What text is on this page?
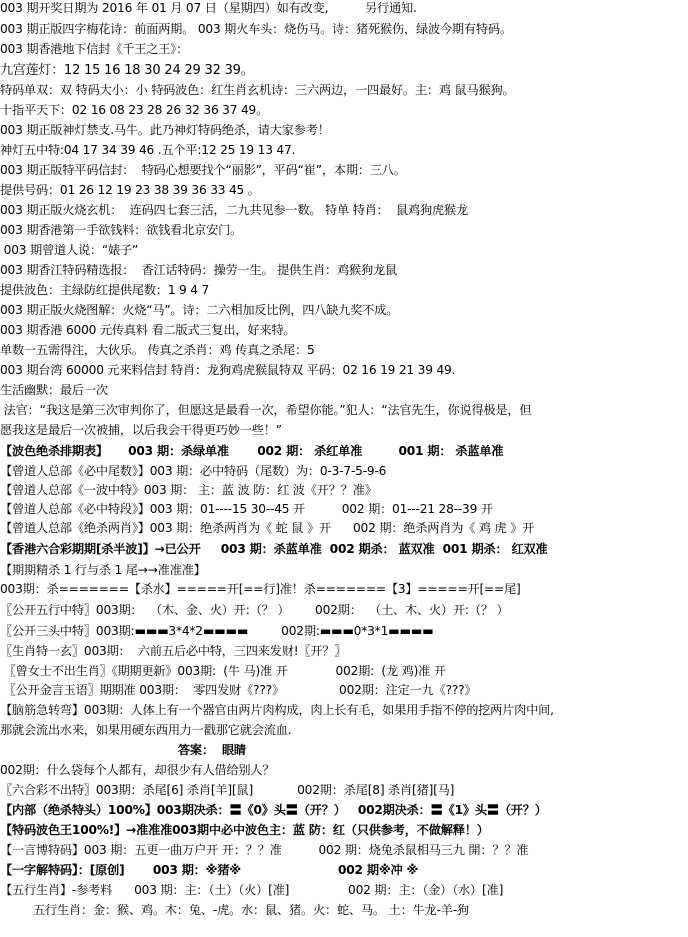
003 期开奖日期为 2016 年 01 月 07 日（星期四）如有改变,          另行通知.
003 期正版四字梅花诗：前面两期。 003 期火车头：烧伤马。诗：猪死猴伤，绿波今期有特码。
003 期香港地下信封《千王之王》：
九宫莲灯：12 15 16 18 30 24 29 32 39。
特码单双：双 特码大小：小 特码波色：红生肖玄机诗：三六两边，一四最好。主：鸡 鼠马猴狗。
十指平天下：02 16 08 23 28 26 32 36 37 49。
003 期正版神灯禁支.马牛。此乃神灯特码绝杀，请大家参考！
神灯五中特:04 17 34 39 46 .五个平:12 25 19 13 47.
003 期正版特平码信封：  特码心想要找个“丽影”，平码“崔”，本期：三八。
提供号码：01 26 12 19 23 38 39 36 33 45 。
003 期正版火烧玄机：  连码四七套三活，二九共见参一数。 特单 特肖：  鼠鸡狗虎猴龙
003 期香港第一手欲钱料：欲钱看北京安门。
003 期曾道人说：“婊子”
003 期香江特码精选报：  香江话特码：操劳一生。 提供生肖：鸡猴狗龙鼠
提供波色：主绿防红提供尾数：1 9 4 7
003 期正版火烧图解：火烧“马”。诗：二六相加反比例，四八缺九奖不成。
003 期香港 6000 元传真料 看二版式三复出，好来特。
单数一五需得注，大伙乐。 传真之杀肖：鸡 传真之杀尾：5
003 期台湾 60000 元来料信封 特肖：龙狗鸡虎猴鼠特双 平码：02 16 19 21 39 49.
生活幽默：最后一次
法官：“我这是第三次审判你了，但愿这是最看一次，希望你能。”犯人：“法官先生，你说得极是，但
愿我这是最后一次被捕，以后我会干得更巧妙一些！”
【波色绝杀排期表】     003 期：杀绿单准       002 期： 杀红单准         001 期： 杀蓝单准
【曾道人总部《必中尾数》】003 期：必中特码（尾数）为：0-3-7-5-9-6
【曾道人总部《一波中特》003 期： 主：蓝 波 防：红 波《开？？准》
【曾道人总部《必中特段》】003 期：01----15 30--45 开          002 期：01---21 28--39 开
【曾道人总部《绝杀两肖》】003 期：绝杀两肖为《 蛇 鼠 》开      002 期：绝杀两肖为《 鸡 虎 》开
【香港六合彩期期[杀半波]】→已公开     003 期：杀蓝单准  002 期杀： 蓝双准  001 期杀： 红双准
【期期精杀 1 行与杀 1 尾→→准准准】
003期：杀=======【杀水】=====开[==行]准！杀=======【3】=====开[==尾]
〖公开五行中特〗003期：  （木、金、火）开:（？ ）       002期：  （土、木、火）开:（？ ）
〖公开三头中特〗003期:▬▬▬3*4*2▬▬▬▬         002期:▬▬▬0*3*1▬▬▬▬
〖生肖特一玄〗003期：  六前五后必中特，三四来发财!〖开？〗
〖曾女士不出生肖〗《期期更新》003期:  (牛 马)准 开             002期:  (龙 鸡)准 开
〖公开金言玉语〗期期准 003期：  零四发财《???》               002期：注定一九《???》
【脑筋急转弯】003期：人体上有一个器官由两片肉构成，肉上长有毛，如果用手指不停的挖两片肉中间,
那就会流出水来，如果用硬东西用力一戳那它就会流血.
答案：  眼睛
002期：什么袋每个人都有，却很少有人借给别人？
〖六合彩不出特〗003期：杀尾[6] 杀肖[羊][鼠]            002期：杀尾[8] 杀肖[猪][马]
【内部（绝杀特头）100%】003期决杀：〓《0》头〓（开？）   002期决杀：〓《1》头〓（开？）
【特码波色王100%!】→准准准003期中必中波色主：蓝 防：红（只供参考，不做解释！）
【一言博特码】003 期：五更一曲万户开 开：？？准          002 期：烧兔杀鼠相马三九 開：？？准
【一字解特码】：[原创]       003 期：※猪※                        002 期※冲 ※
【五行生肖】-参考料      003 期：主：（土）（火）[准]                002 期：主：（金）（水）[准]
五行生肖：金：猴、鸡。木：兔、-虎。水：鼠、猪。火：蛇、马。 土：牛龙-羊-狗
